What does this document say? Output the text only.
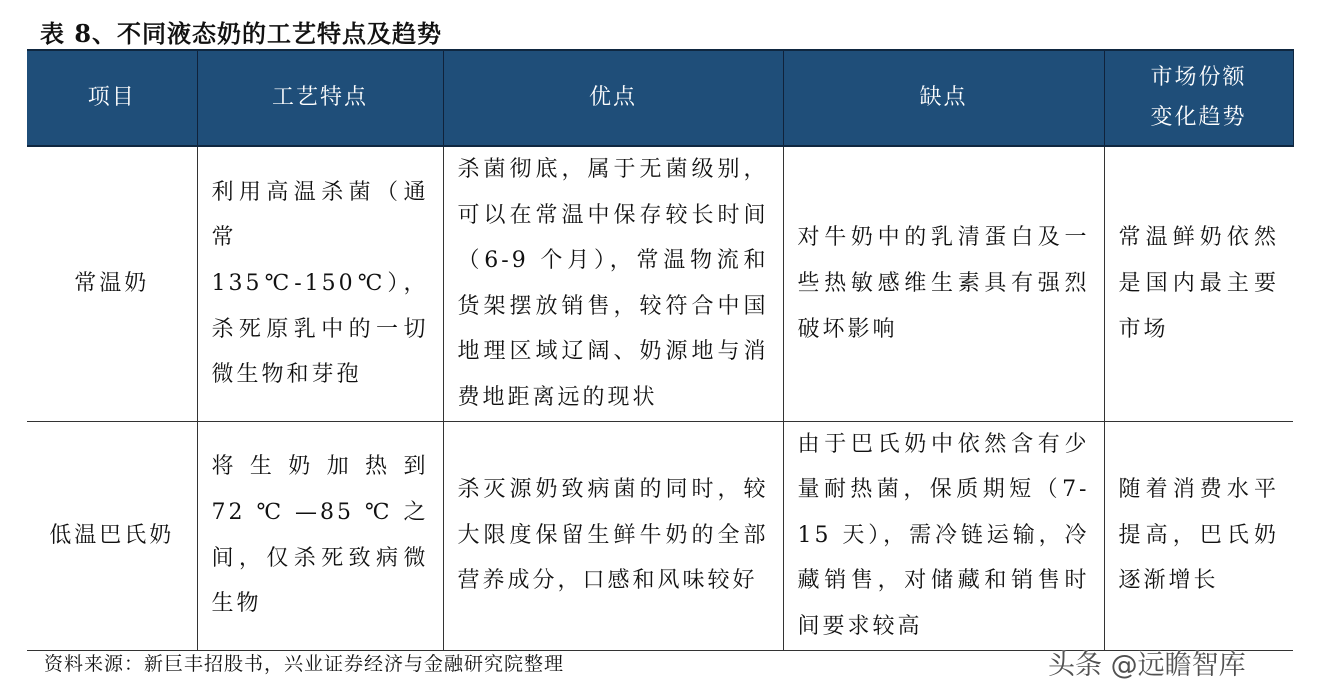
表 8、不同液态奶的工艺特点及趋势
项目	工艺特点	优点	缺点	市场份额
变化趋势

常温奶	利用高温杀菌（通常 135℃-150℃），杀死原乳中的一切微生物和芽孢	杀菌彻底，属于无菌级别，可以在常温中保存较长时间（6-9 个月），常温物流和货架摆放销售，较符合中国地理区域辽阔、奶源地与消费地距离远的现状	对牛奶中的乳清蛋白及一些热敏感维生素具有强烈破坏影响	常温鲜奶依然是国内最主要市场
低温巴氏奶	将生奶加热到 72℃—85℃之间，仅杀死致病微生物	杀灭源奶致病菌的同时，较大限度保留生鲜牛奶的全部营养成分，口感和风味较好	由于巴氏奶中依然含有少量耐热菌，保质期短（7-15 天），需冷链运输，冷藏销售，对储藏和销售时间要求较高	随着消费水平提高，巴氏奶逐渐增长
资料来源：新巨丰招股书，兴业证券经济与金融研究院整理	头条 @远瞻智库
